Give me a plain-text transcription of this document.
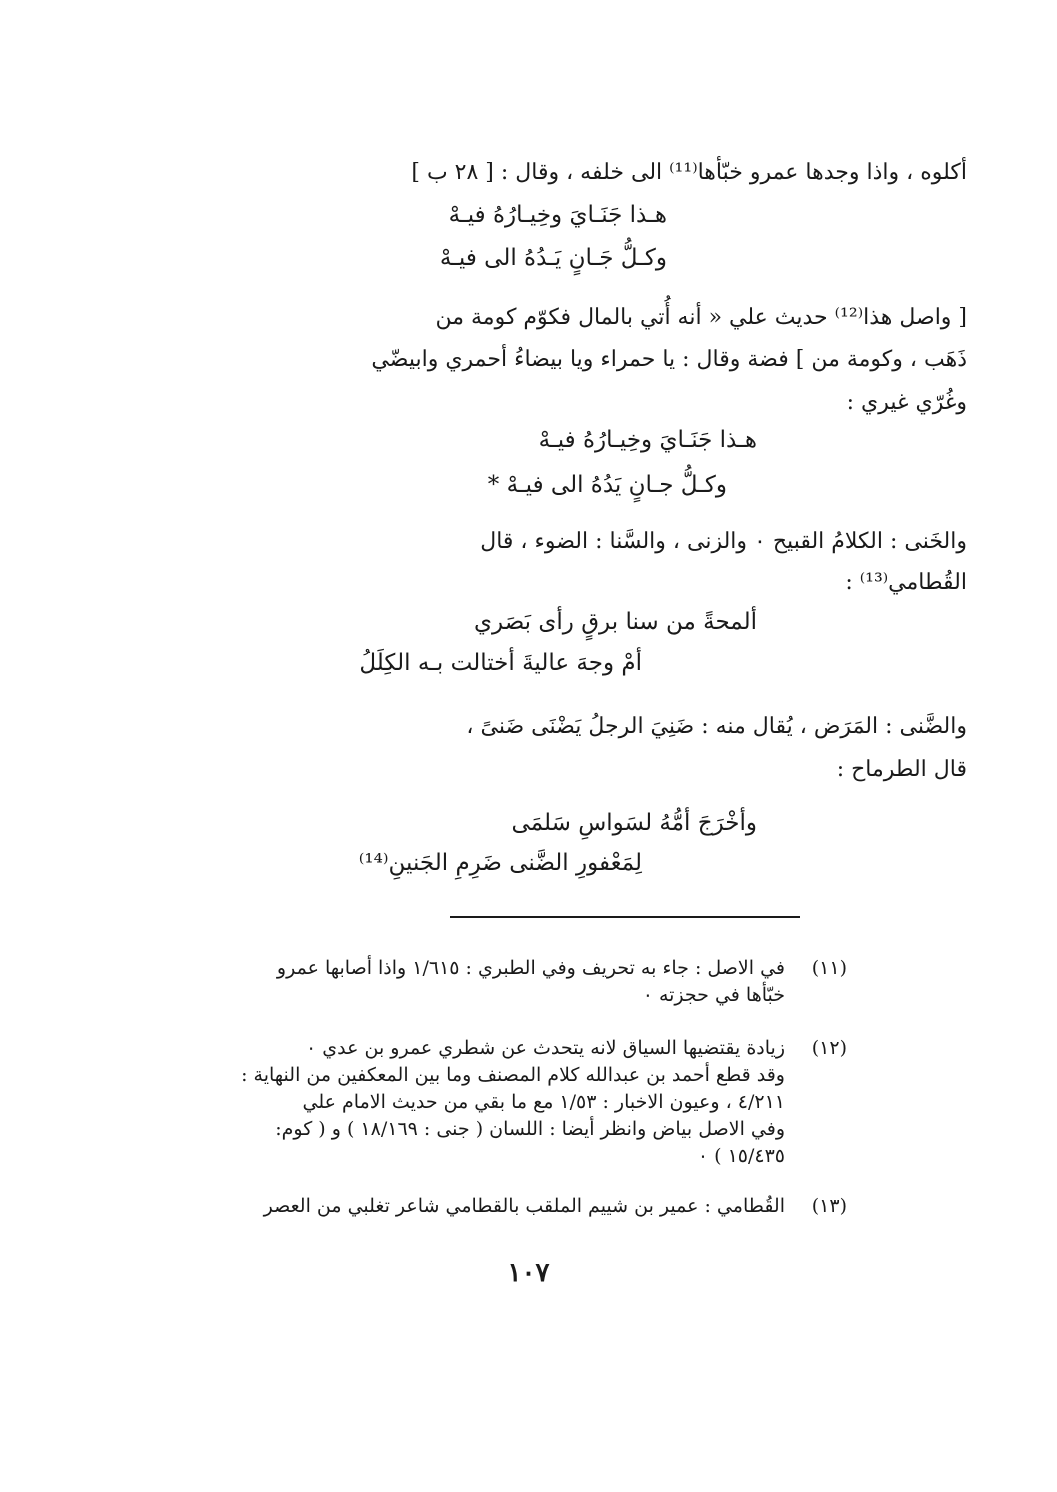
أكلوه ، واذا وجدها عمرو خبّأها⁽¹¹⁾ الى خلفه ، وقال : [ ٢٨ ب ]
هـذا جَنَـايَ وخِيـارُهُ فيـهْ
وكـلُّ جَـانٍ يَـدُهُ الى فيـهْ
[ واصل هذا⁽¹²⁾ حديث علي « أنه أُتي بالمال فكوّم كومة من
ذَهَب ، وكومة من ] فضة وقال : يا حمراء ويا بيضاءُ أحمري وابيضّي
وغُرّي غيري :
هـذا جَنَـايَ وخِيـارُهُ فيـهْ
وكـلُّ جـانٍ يَدُهُ الى فيـهْ *
والخَنى : الكلامُ القبيح ٠ والزنى ، والسَّنا : الضوء ، قال
القُطامي⁽¹³⁾ :
ألمحةً من سنا برقٍ رأى بَصَري
أمْ وجهَ عاليةَ أختالت بـه الكِلَلُ
والضَّنى : المَرَض ، يُقال منه : ضَنِيَ الرجلُ يَضْنَى ضَنىً ،
قال الطرماح :
وأخْرَجَ أمُّهُ لسَواسِ سَلمَى
لِمَعْفورِ الضَّنى ضَرِمِ الجَنينِ⁽¹⁴⁾
(١١)
في الاصل : جاء به تحريف وفي الطبري : ١/٦١٥ واذا أصابها عمرو
خبّأها في حجزته ٠
(١٢)
زيادة يقتضيها السياق لانه يتحدث عن شطري عمرو بن عدي ٠
وقد قطع أحمد بن عبدالله كلام المصنف وما بين المعكفين من النهاية :
٤/٢١١ ، وعيون الاخبار : ١/٥٣ مع ما بقي من حديث الامام علي
وفي الاصل بياض وانظر أيضا : اللسان ( جنى : ١٨/١٦٩ ) و ( كوم:
١٥/٤٣٥ ) ٠
(١٣)
القُطامي : عمير بن شييم الملقب بالقطامي شاعر تغلبي من العصر
١٠٧
